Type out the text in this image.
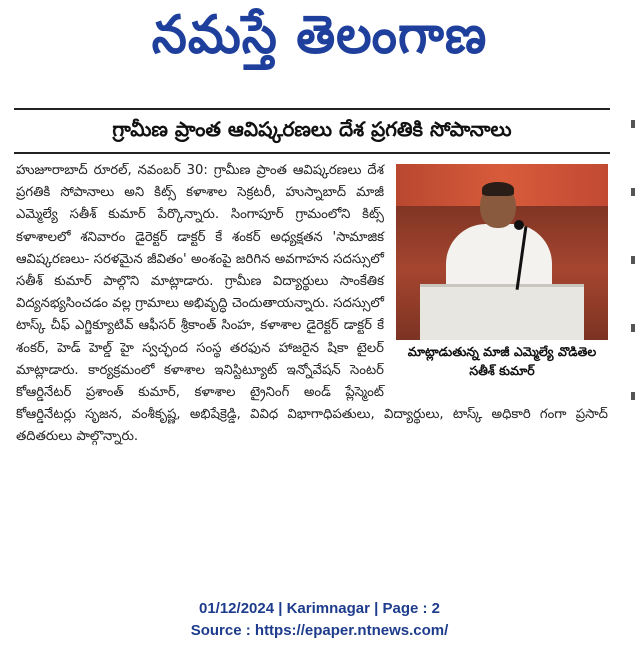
నమస్తే తెలంగాణ
గ్రామీణ ప్రాంత ఆవిష్కరణలు దేశ ప్రగతికి సోపానాలు
మాట్లాడుతున్న మాజీ ఎమ్మెల్యే వొడితెల సతీశ్ కుమార్
హుజూరాబాద్ రూరల్, నవంబర్ 30: గ్రామీణ ప్రాంత ఆవిష్కరణలు దేశ ప్రగతికి సోపానాలు అని కిట్స్ కళాశాల సెక్రటరీ, హుస్నాబాద్ మాజీ ఎమ్మెల్యే సతీశ్ కుమార్ పేర్కొన్నారు. సింగాపూర్ గ్రామంలోని కిట్స్ కళాశాలలో శనివారం డైరెక్టర్ డాక్టర్ కే శంకర్ అధ్యక్షతన 'సామాజిక ఆవిష్కరణలు- సరళమైన జీవితం' అంశంపై జరిగిన అవగాహన సదస్సులో సతీశ్ కుమార్ పాల్గొని మాట్లాడారు. గ్రామీణ విద్యార్థులు సాంకేతిక విద్యనభ్యసించడం వల్ల గ్రామాలు అభివృద్ధి చెందుతాయన్నారు. సదస్సులో టాస్క్ చీఫ్ ఎగ్జిక్యూటివ్ ఆఫీసర్ శ్రీకాంత్ సింహ, కళాశాల డైరెక్టర్ డాక్టర్ కే శంకర్, హెడ్ హెల్డ్ హై స్వచ్ఛంద సంస్థ తరఫున హాజరైన షికా టైలర్ మాట్లాడారు. కార్యక్రమంలో కళాశాల ఇనిస్టిట్యూట్ ఇన్నోవేషన్ సెంటర్ కోఆర్డినేటర్ ప్రశాంత్ కుమార్, కళాశాల ట్రైనింగ్ అండ్ ప్లేస్మెంట్ కోఆర్డినేటర్లు సృజన, వంశీకృష్ణ, అభిషేక్రెడ్డి, వివిధ విభాగాధిపతులు, విద్యార్థులు, టాస్క్ అధికారి గంగా ప్రసాద్ తదితరులు పాల్గొన్నారు.
01/12/2024 | Karimnagar | Page : 2
Source : https://epaper.ntnews.com/
